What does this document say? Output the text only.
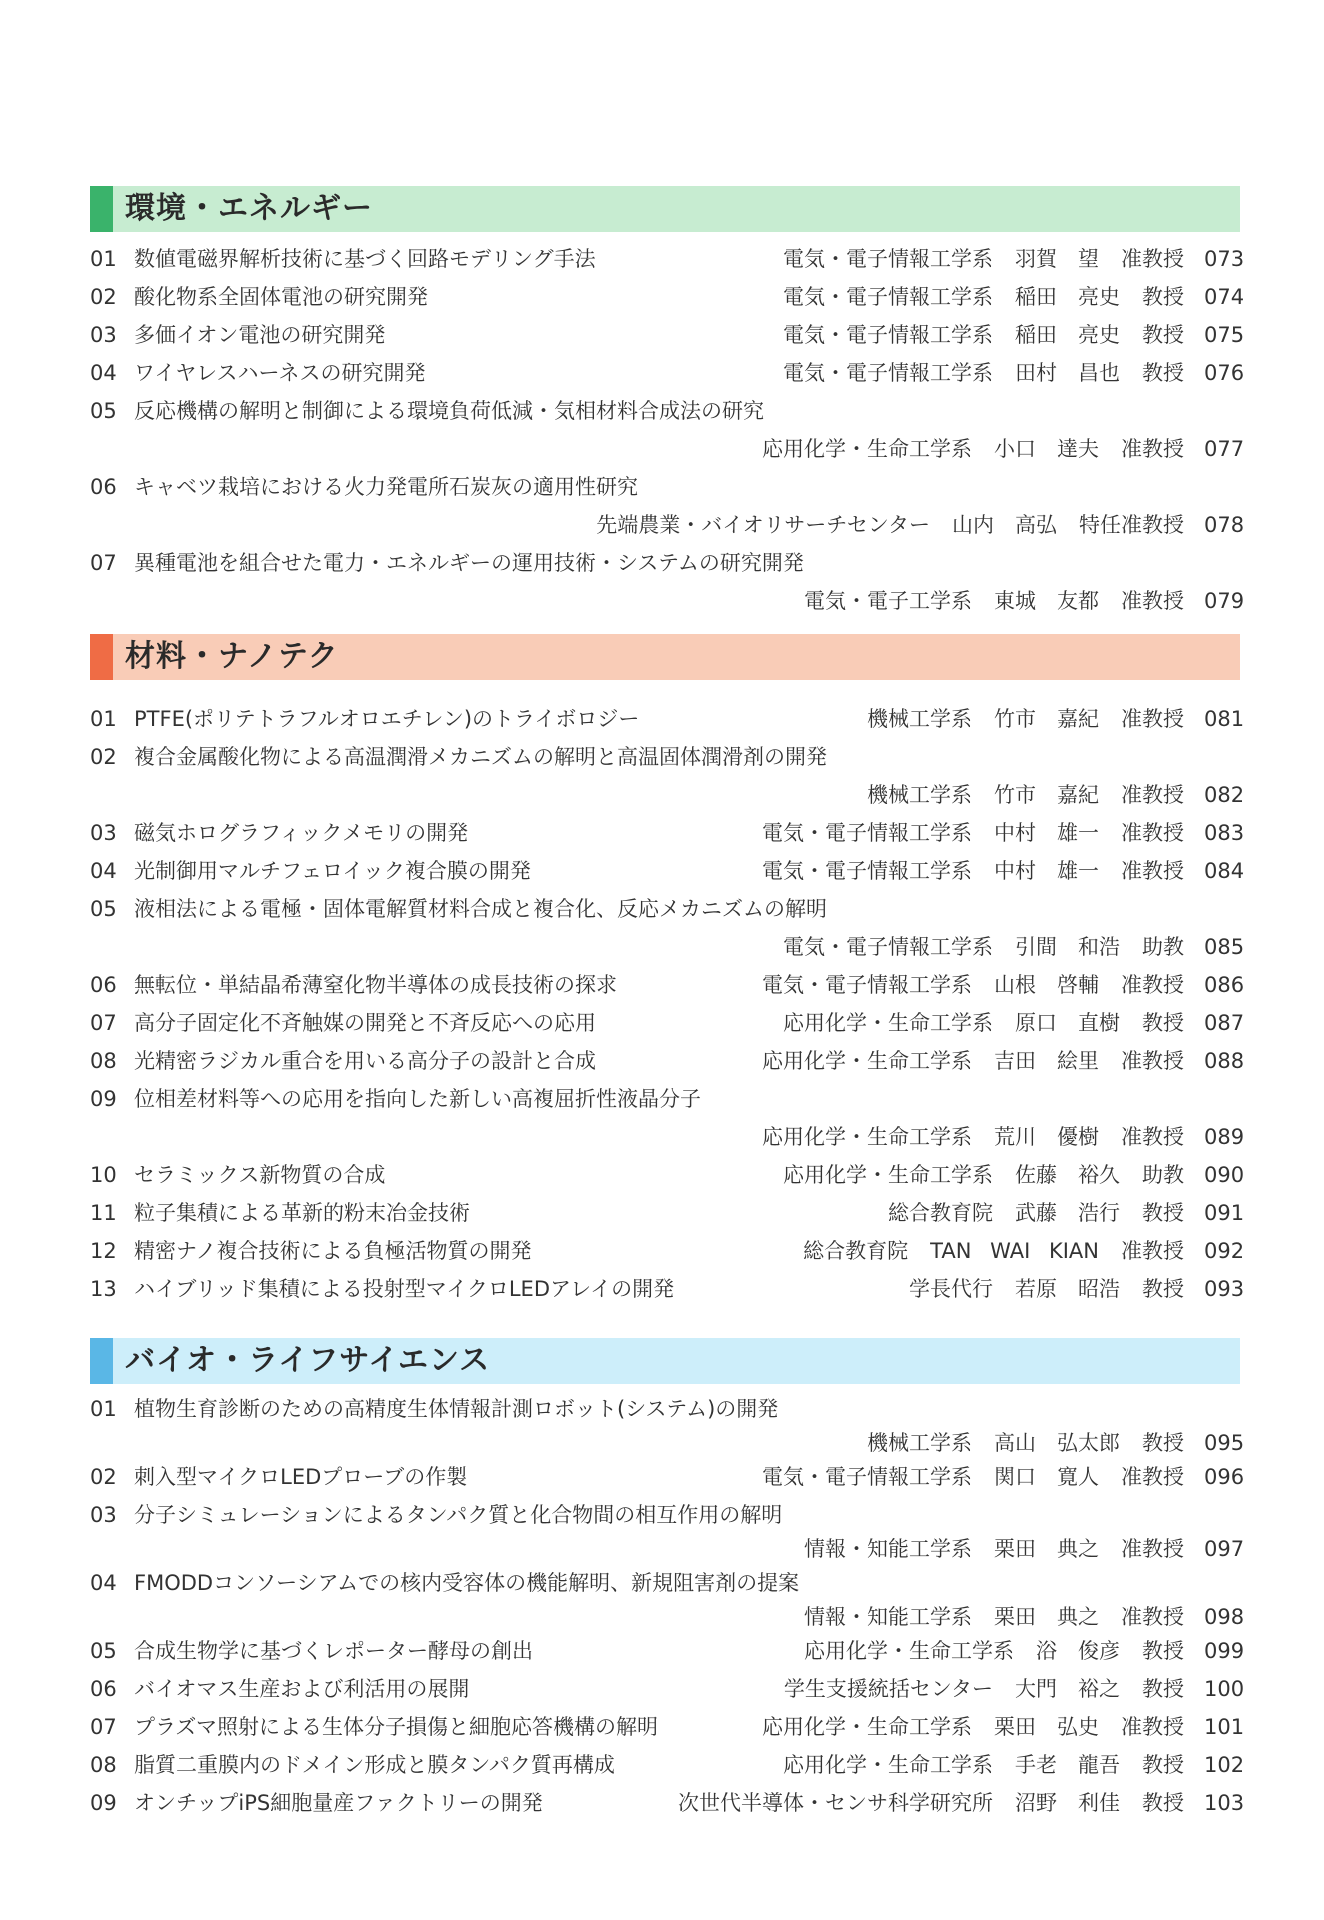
環境・エネルギー
01 数値電磁界解析技術に基づく回路モデリング手法	電気・電子情報工学系 羽賀　望 准教授 073
02 酸化物系全固体電池の研究開発	電気・電子情報工学系 稲田　亮史 教授 074
03 多価イオン電池の研究開発	電気・電子情報工学系 稲田　亮史 教授 075
04 ワイヤレスハーネスの研究開発	電気・電子情報工学系 田村　昌也 教授 076
05 反応機構の解明と制御による環境負荷低減・気相材料合成法の研究
応用化学・生命工学系 小口　達夫 准教授 077
06 キャベツ栽培における火力発電所石炭灰の適用性研究
先端農業・バイオリサーチセンター 山内　高弘 特任准教授 078
07 異種電池を組合せた電力・エネルギーの運用技術・システムの研究開発
電気・電子工学系 東城　友都 准教授 079
材料・ナノテク
01 PTFE(ポリテトラフルオロエチレン)のトライボロジー	機械工学系 竹市　嘉紀 准教授 081
02 複合金属酸化物による高温潤滑メカニズムの解明と高温固体潤滑剤の開発
機械工学系 竹市　嘉紀 准教授 082
03 磁気ホログラフィックメモリの開発	電気・電子情報工学系 中村　雄一 准教授 083
04 光制御用マルチフェロイック複合膜の開発	電気・電子情報工学系 中村　雄一 准教授 084
05 液相法による電極・固体電解質材料合成と複合化、反応メカニズムの解明
電気・電子情報工学系 引間　和浩 助教 085
06 無転位・単結晶希薄窒化物半導体の成長技術の探求	電気・電子情報工学系 山根　啓輔 准教授 086
07 高分子固定化不斉触媒の開発と不斉反応への応用	応用化学・生命工学系 原口　直樹 教授 087
08 光精密ラジカル重合を用いる高分子の設計と合成	応用化学・生命工学系 吉田　絵里 准教授 088
09 位相差材料等への応用を指向した新しい高複屈折性液晶分子
応用化学・生命工学系 荒川　優樹 准教授 089
10 セラミックス新物質の合成	応用化学・生命工学系 佐藤　裕久 助教 090
11 粒子集積による革新的粉末冶金技術	総合教育院 武藤　浩行 教授 091
12 精密ナノ複合技術による負極活物質の開発	総合教育院 TAN WAI KIAN 准教授 092
13 ハイブリッド集積による投射型マイクロLEDアレイの開発	学長代行 若原　昭浩 教授 093
バイオ・ライフサイエンス
01 植物生育診断のための高精度生体情報計測ロボット(システム)の開発
機械工学系 高山　弘太郎 教授 095
02 刺入型マイクロLEDプローブの作製	電気・電子情報工学系 関口　寛人 准教授 096
03 分子シミュレーションによるタンパク質と化合物間の相互作用の解明
情報・知能工学系 栗田　典之 准教授 097
04 FMODDコンソーシアムでの核内受容体の機能解明、新規阻害剤の提案
情報・知能工学系 栗田　典之 准教授 098
05 合成生物学に基づくレポーター酵母の創出	応用化学・生命工学系 浴　俊彦 教授 099
06 バイオマス生産および利活用の展開	学生支援統括センター 大門　裕之 教授 100
07 プラズマ照射による生体分子損傷と細胞応答機構の解明	応用化学・生命工学系 栗田　弘史 准教授 101
08 脂質二重膜内のドメイン形成と膜タンパク質再構成	応用化学・生命工学系 手老　龍吾 教授 102
09 オンチップiPS細胞量産ファクトリーの開発	次世代半導体・センサ科学研究所 沼野　利佳 教授 103
